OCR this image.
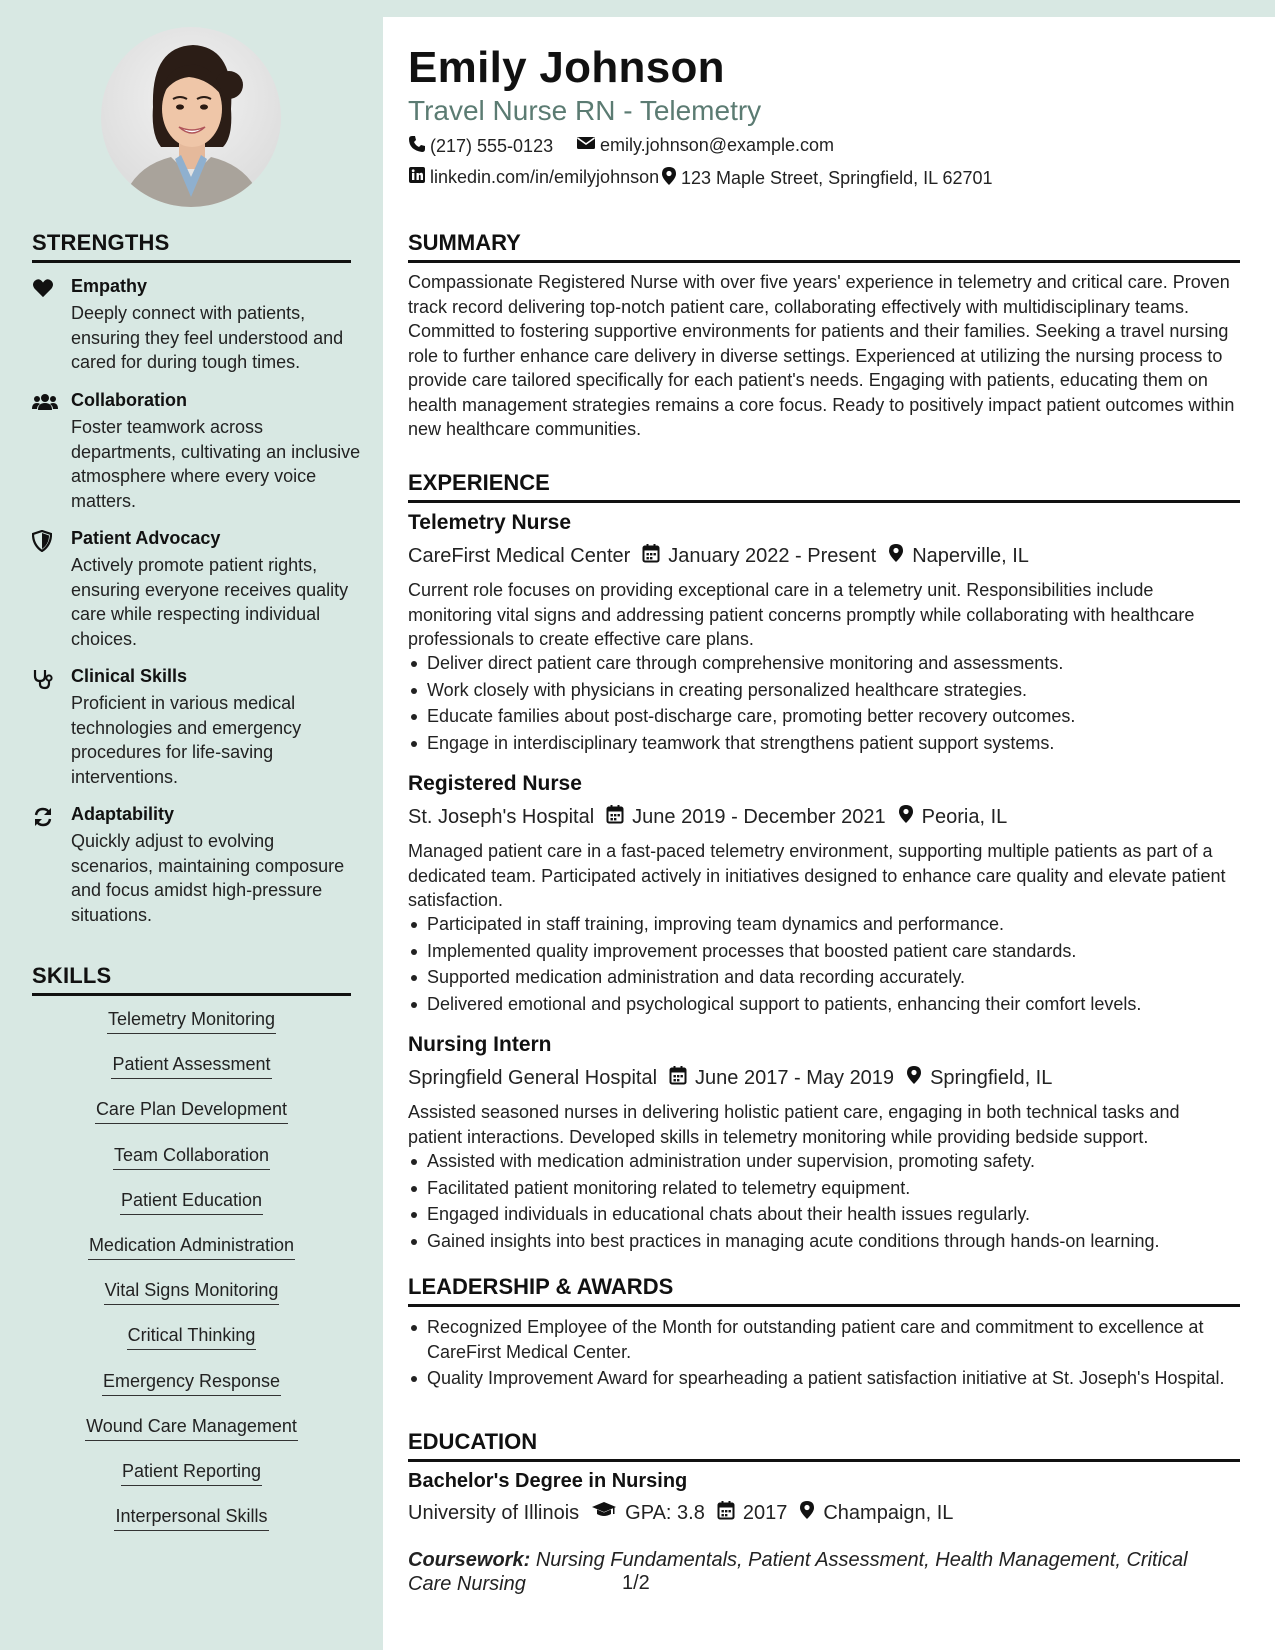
STRENGTHS
Empathy
Deeply connect with patients, ensuring they feel understood and cared for during tough times.
Collaboration
Foster teamwork across departments, cultivating an inclusive atmosphere where every voice matters.
Patient Advocacy
Actively promote patient rights, ensuring everyone receives quality care while respecting individual choices.
Clinical Skills
Proficient in various medical technologies and emergency procedures for life-saving interventions.
Adaptability
Quickly adjust to evolving scenarios, maintaining composure and focus amidst high-pressure situations.
SKILLS
Telemetry Monitoring
Patient Assessment
Care Plan Development
Team Collaboration
Patient Education
Medication Administration
Vital Signs Monitoring
Critical Thinking
Emergency Response
Wound Care Management
Patient Reporting
Interpersonal Skills
Emily Johnson
Travel Nurse RN - Telemetry
(217) 555-0123	emily.johnson@example.com
linkedin.com/in/emilyjohnson 123 Maple Street, Springfield, IL 62701
SUMMARY
Compassionate Registered Nurse with over five years' experience in telemetry and critical care. Proven track record delivering top-notch patient care, collaborating effectively with multidisciplinary teams. Committed to fostering supportive environments for patients and their families. Seeking a travel nursing role to further enhance care delivery in diverse settings. Experienced at utilizing the nursing process to provide care tailored specifically for each patient's needs. Engaging with patients, educating them on health management strategies remains a core focus. Ready to positively impact patient outcomes within new healthcare communities.
EXPERIENCE
Telemetry Nurse
CareFirst Medical Center January 2022 - Present Naperville, IL
Current role focuses on providing exceptional care in a telemetry unit. Responsibilities include monitoring vital signs and addressing patient concerns promptly while collaborating with healthcare professionals to create effective care plans.
Deliver direct patient care through comprehensive monitoring and assessments.
Work closely with physicians in creating personalized healthcare strategies.
Educate families about post-discharge care, promoting better recovery outcomes.
Engage in interdisciplinary teamwork that strengthens patient support systems.
Registered Nurse
St. Joseph's Hospital June 2019 - December 2021 Peoria, IL
Managed patient care in a fast-paced telemetry environment, supporting multiple patients as part of a dedicated team. Participated actively in initiatives designed to enhance care quality and elevate patient satisfaction.
Participated in staff training, improving team dynamics and performance.
Implemented quality improvement processes that boosted patient care standards.
Supported medication administration and data recording accurately.
Delivered emotional and psychological support to patients, enhancing their comfort levels.
Nursing Intern
Springfield General Hospital June 2017 - May 2019 Springfield, IL
Assisted seasoned nurses in delivering holistic patient care, engaging in both technical tasks and patient interactions. Developed skills in telemetry monitoring while providing bedside support.
Assisted with medication administration under supervision, promoting safety.
Facilitated patient monitoring related to telemetry equipment.
Engaged individuals in educational chats about their health issues regularly.
Gained insights into best practices in managing acute conditions through hands-on learning.
LEADERSHIP & AWARDS
Recognized Employee of the Month for outstanding patient care and commitment to excellence at CareFirst Medical Center.
Quality Improvement Award for spearheading a patient satisfaction initiative at St. Joseph's Hospital.
EDUCATION
Bachelor's Degree in Nursing
University of Illinois GPA: 3.8 2017 Champaign, IL
Coursework: Nursing Fundamentals, Patient Assessment, Health Management, Critical Care Nursing	1/2
